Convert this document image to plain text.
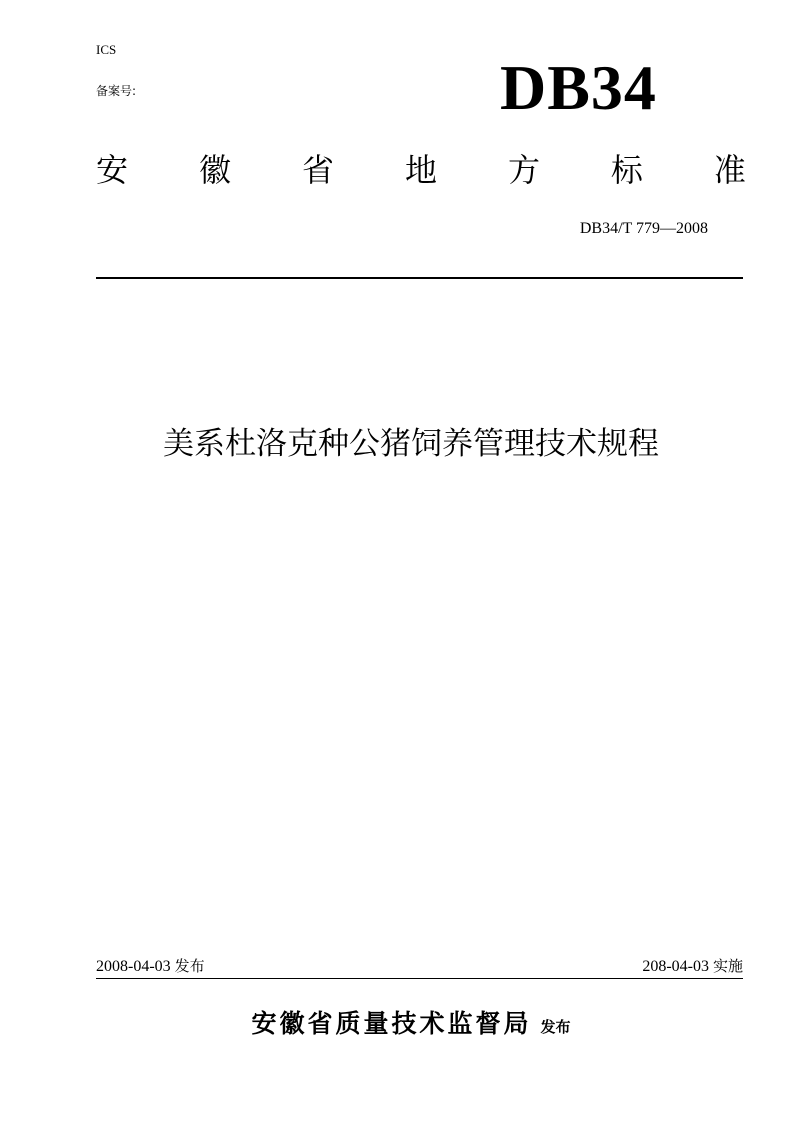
ICS
备案号:	DB34
安 徽 省 地 方 标 准
DB34/T 779—2008
美系杜洛克种公猪饲养管理技术规程
2008-04-03 发布	208-04-03 实施
安徽省质量技术监督局 发布
